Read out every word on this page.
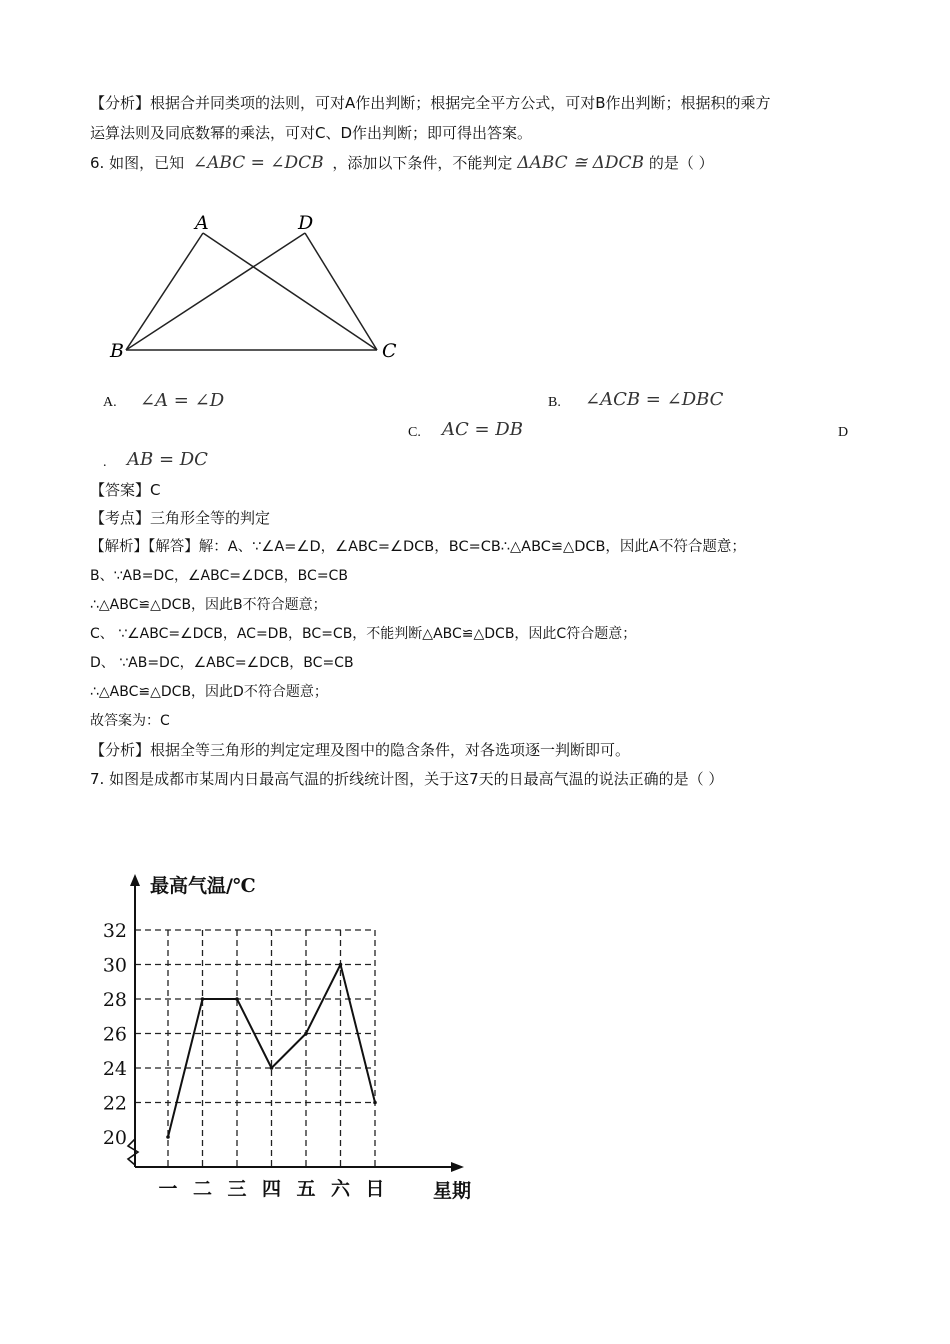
【分析】根据合并同类项的法则，可对A作出判断；根据完全平方公式，可对B作出判断；根据积的乘方
运算法则及同底数幂的乘法，可对C、D作出判断；即可得出答案。
6. 如图，已知 ∠ABC = ∠DCB ，添加以下条件，不能判定 ΔABC ≅ ΔDCB 的是（ ）
A	D
B	C
A. ∠A = ∠D	B. ∠ACB = ∠DBC
C. AC = DB	D
. AB = DC
【答案】C
【考点】三角形全等的判定
【解析】【解答】解：A、∵∠A=∠D，∠ABC=∠DCB，BC=CB∴△ABC≌△DCB，因此A不符合题意；
B、∵AB=DC，∠ABC=∠DCB，BC=CB
∴△ABC≌△DCB，因此B不符合题意；
C、 ∵∠ABC=∠DCB，AC=DB，BC=CB，不能判断△ABC≌△DCB，因此C符合题意；
D、 ∵AB=DC，∠ABC=∠DCB，BC=CB
∴△ABC≌△DCB，因此D不符合题意；
故答案为：C
【分析】根据全等三角形的判定定理及图中的隐含条件，对各选项逐一判断即可。
7. 如图是成都市某周内日最高气温的折线统计图，关于这7天的日最高气温的说法正确的是（ ）
20
22
24
26
28
30
32
一 二 三 四 五 六 日
最高气温/℃
星期
